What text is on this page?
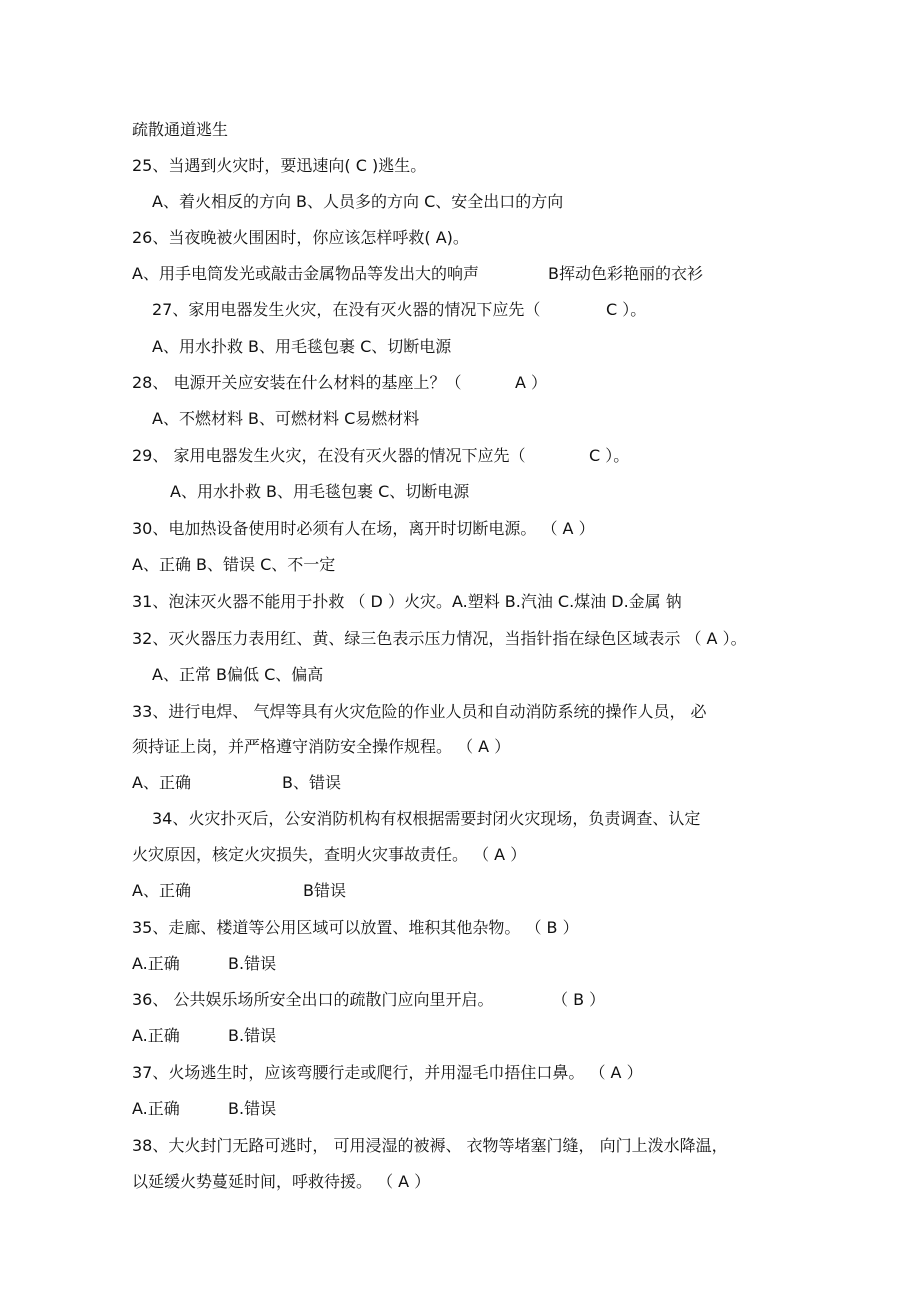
疏散通道逃生
25、当遇到火灾时，要迅速向( C )逃生。
A、着火相反的方向 B、人员多的方向 C、安全出口的方向
26、当夜晚被火围困时，你应该怎样呼救( A)。
A、用手电筒发光或敲击金属物品等发出大的响声	B挥动色彩艳丽的衣衫
27、家用电器发生火灾，在没有灭火器的情况下应先（	C ）。
A、用水扑救 B、用毛毯包裹 C、切断电源
28、 电源开关应安装在什么材料的基座上？（	A ）
A、不燃材料 B、可燃材料 C易燃材料
29、 家用电器发生火灾，在没有灭火器的情况下应先（	C ）。
A、用水扑救 B、用毛毯包裹 C、切断电源
30、电加热设备使用时必须有人在场，离开时切断电源。 （ A ）
A、正确 B、错误 C、不一定
31、泡沫灭火器不能用于扑救 （ D ）火灾。A.塑料 B.汽油 C.煤油 D.金属 钠
32、灭火器压力表用红、黄、绿三色表示压力情况，当指针指在绿色区域表示 （ A ）。
A、正常 B偏低 C、偏高
33、进行电焊、 气焊等具有火灾危险的作业人员和自动消防系统的操作人员， 必
须持证上岗，并严格遵守消防安全操作规程。 （ A ）
A、正确	B、错误
34、火灾扑灭后，公安消防机构有权根据需要封闭火灾现场，负责调查、认定
火灾原因，核定火灾损失，查明火灾事故责任。 （ A ）
A、正确	B错误
35、走廊、楼道等公用区域可以放置、堆积其他杂物。 （ B ）
A.正确	B.错误
36、 公共娱乐场所安全出口的疏散门应向里开启。	（ B ）
A.正确	B.错误
37、火场逃生时，应该弯腰行走或爬行，并用湿毛巾捂住口鼻。 （ A ）
A.正确	B.错误
38、大火封门无路可逃时， 可用浸湿的被褥、 衣物等堵塞门缝， 向门上泼水降温，
以延缓火势蔓延时间，呼救待援。 （ A ）
